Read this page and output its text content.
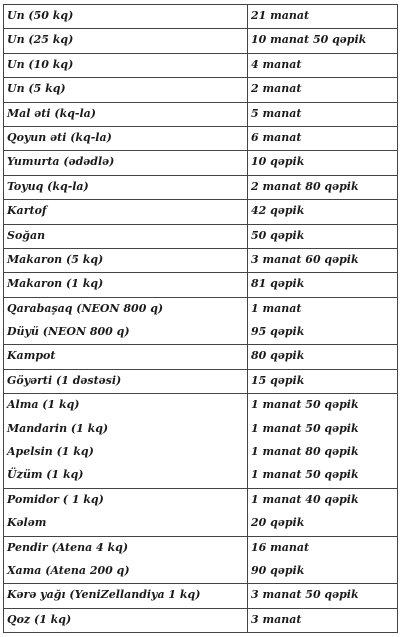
Un (50 kq)	21 manat
Un (25 kq)	10 manat 50 qəpik
Un (10 kq)	4 manat
Un (5 kq)	2 manat
Mal əti (kq-la)	5 manat
Qoyun əti (kq-la)	6 manat
Yumurta (ədədlə)	10 qəpik
Toyuq (kq-la)	2 manat 80 qəpik
Kartof	42 qəpik
Soğan	50 qəpik
Makaron (5 kq)	3 manat 60 qəpik
Makaron (1 kq)	81 qəpik
Qarabaşaq (NEON 800 q)	1 manat
Düyü (NEON 800 q)	95 qəpik
Kampot	80 qəpik
Göyərti (1 dəstəsi)	15 qəpik
Alma (1 kq)	1 manat 50 qəpik
Mandarin (1 kq)	1 manat 50 qəpik
Apelsin (1 kq)	1 manat 80 qəpik
Üzüm (1 kq)	1 manat 50 qəpik
Pomidor ( 1 kq)	1 manat 40 qəpik
Kələm	20 qəpik
Pendir (Atena 4 kq)	16 manat
Xama (Atena 200 q)	90 qəpik
Kərə yağı (YeniZellandiya 1 kq)	3 manat 50 qəpik
Qoz (1 kq)	3 manat
